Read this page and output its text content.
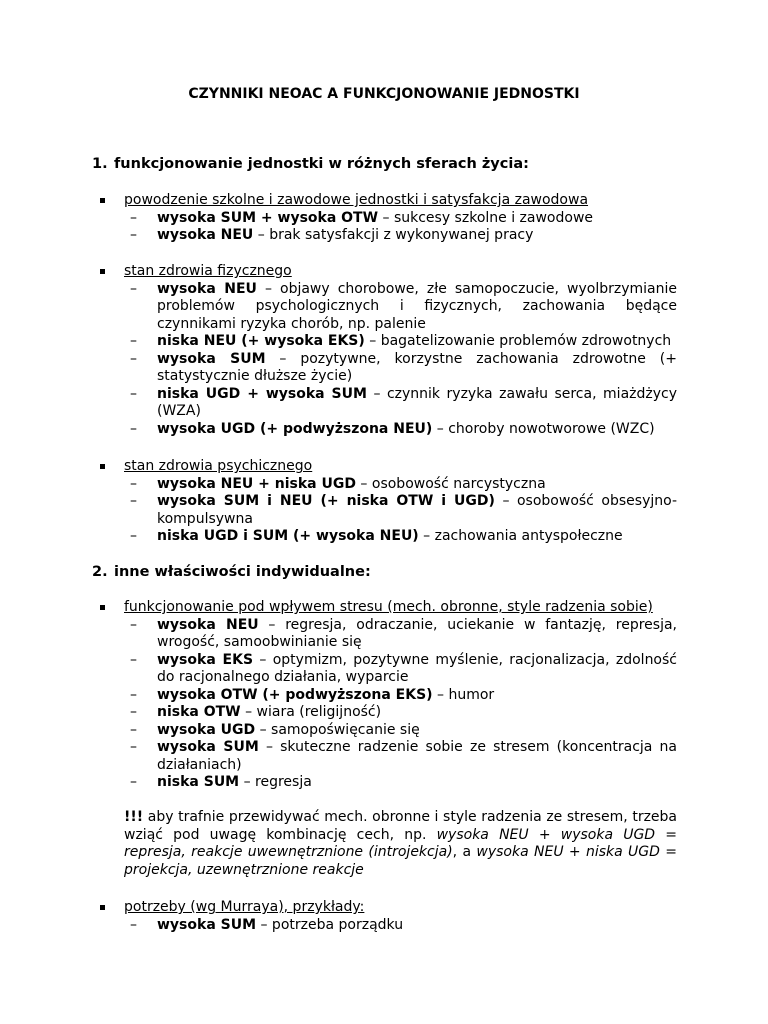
CZYNNIKI NEOAC A FUNKCJONOWANIE JEDNOSTKI
1. funkcjonowanie jednostki w różnych sferach życia:
powodzenie szkolne i zawodowe jednostki i satysfakcja zawodowa
– wysoka SUM + wysoka OTW – sukcesy szkolne i zawodowe
– wysoka NEU – brak satysfakcji z wykonywanej pracy
stan zdrowia fizycznego
– wysoka NEU – objawy chorobowe, złe samopoczucie, wyolbrzymianie problemów psychologicznych i fizycznych, zachowania będące czynnikami ryzyka chorób, np. palenie
– niska NEU (+ wysoka EKS) – bagatelizowanie problemów zdrowotnych
– wysoka SUM – pozytywne, korzystne zachowania zdrowotne (+ statystycznie dłuższe życie)
– niska UGD + wysoka SUM – czynnik ryzyka zawału serca, miażdżycy (WZA)
– wysoka UGD (+ podwyższona NEU) – choroby nowotworowe (WZC)
stan zdrowia psychicznego
– wysoka NEU + niska UGD – osobowość narcystyczna
– wysoka SUM i NEU (+ niska OTW i UGD) – osobowość obsesyjno-kompulsywna
– niska UGD i SUM (+ wysoka NEU) – zachowania antyspołeczne
2. inne właściwości indywidualne:
funkcjonowanie pod wpływem stresu (mech. obronne, style radzenia sobie)
– wysoka NEU – regresja, odraczanie, uciekanie w fantazję, represja, wrogość, samoobwinianie się
– wysoka EKS – optymizm, pozytywne myślenie, racjonalizacja, zdolność do racjonalnego działania, wyparcie
– wysoka OTW (+ podwyższona EKS) – humor
– niska OTW – wiara (religijność)
– wysoka UGD – samopoświęcanie się
– wysoka SUM – skuteczne radzenie sobie ze stresem (koncentracja na działaniach)
– niska SUM – regresja
!!! aby trafnie przewidywać mech. obronne i style radzenia ze stresem, trzeba wziąć pod uwagę kombinację cech, np. wysoka NEU + wysoka UGD = represja, reakcje uwewnętrznione (introjekcja), a wysoka NEU + niska UGD = projekcja, uzewnętrznione reakcje
potrzeby (wg Murraya), przykłady:
– wysoka SUM – potrzeba porządku
